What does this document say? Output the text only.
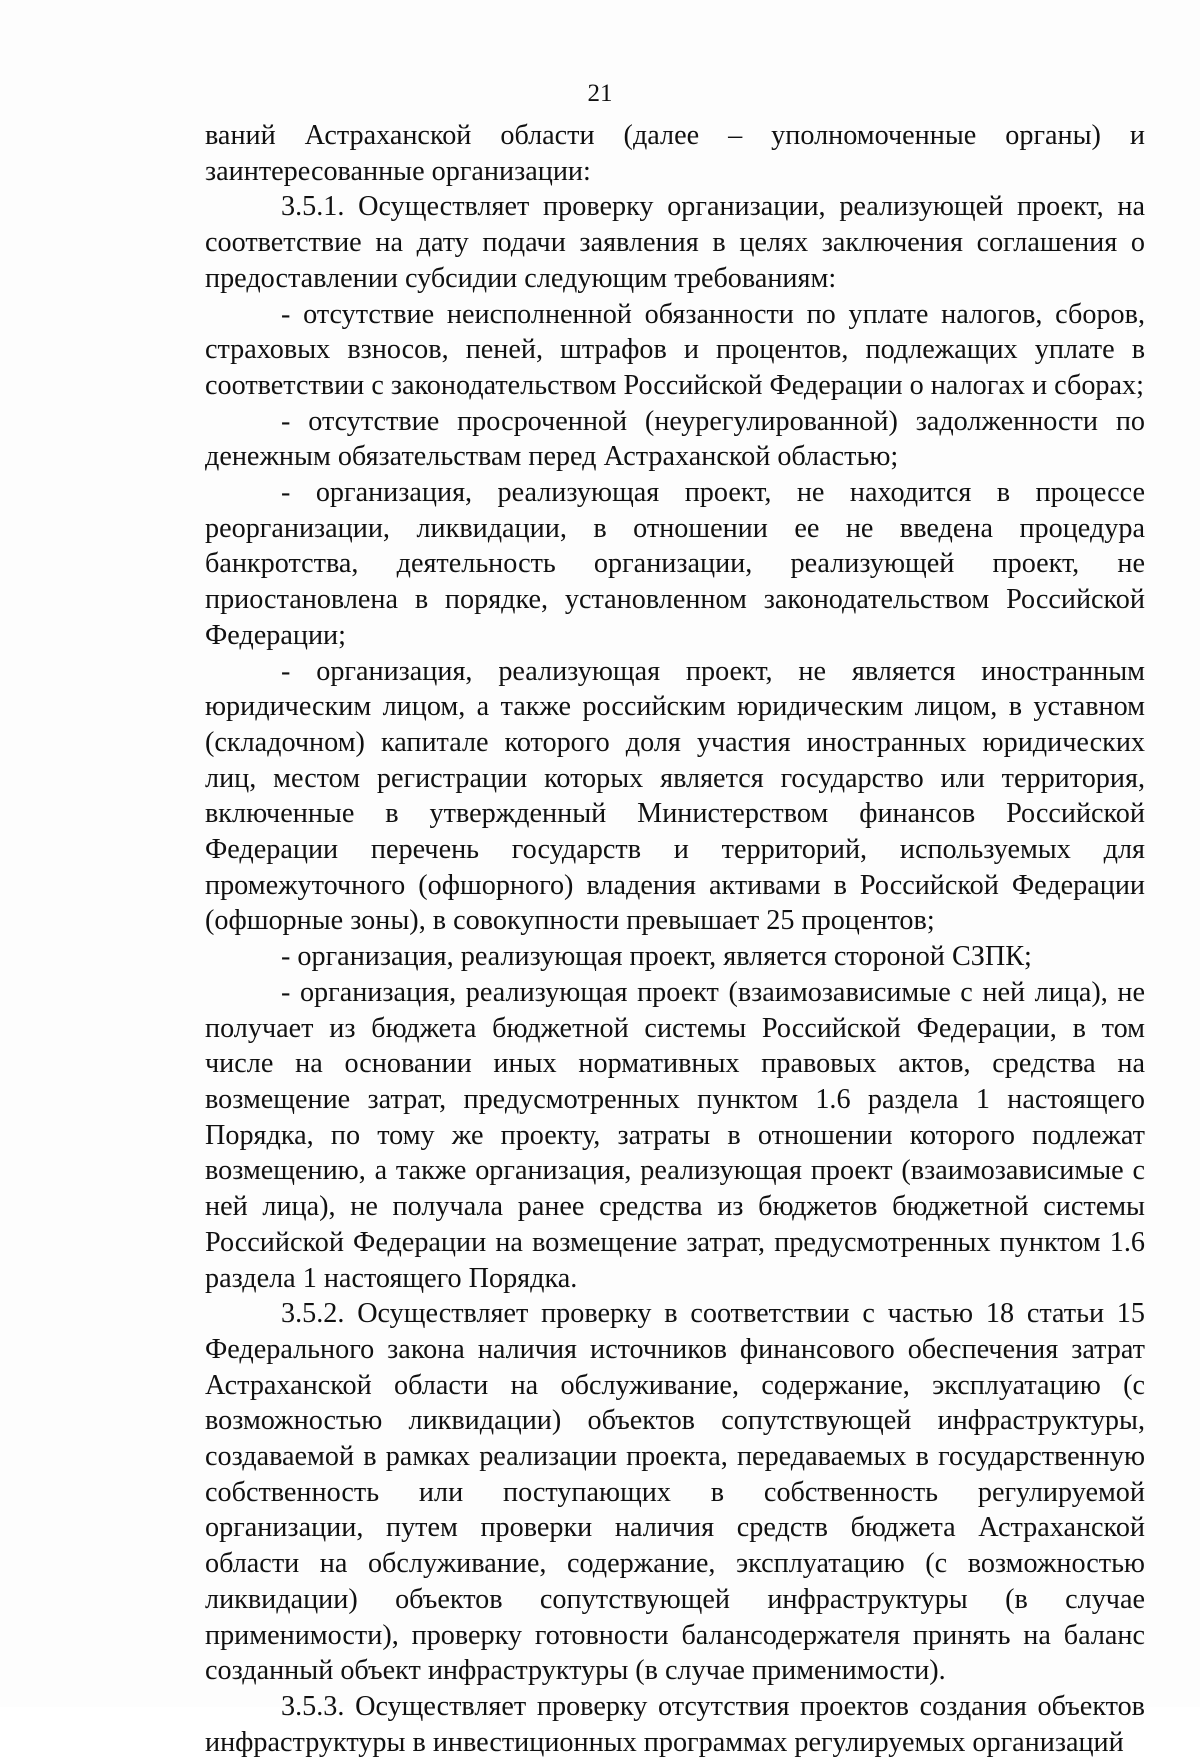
21

ваний Астраханской области (далее – уполномоченные органы) и заинтересованные организации:

3.5.1. Осуществляет проверку организации, реализующей проект, на соответствие на дату подачи заявления в целях заключения соглашения о предоставлении субсидии следующим требованиям:

- отсутствие неисполненной обязанности по уплате налогов, сборов, страховых взносов, пеней, штрафов и процентов, подлежащих уплате в соответствии с законодательством Российской Федерации о налогах и сборах;

- отсутствие просроченной (неурегулированной) задолженности по денежным обязательствам перед Астраханской областью;

- организация, реализующая проект, не находится в процессе реорганизации, ликвидации, в отношении ее не введена процедура банкротства, деятельность организации, реализующей проект, не приостановлена в порядке, установленном законодательством Российской Федерации;

- организация, реализующая проект, не является иностранным юридическим лицом, а также российским юридическим лицом, в уставном (складочном) капитале которого доля участия иностранных юридических лиц, местом регистрации которых является государство или территория, включенные в утвержденный Министерством финансов Российской Федерации перечень государств и территорий, используемых для промежуточного (офшорного) владения активами в Российской Федерации (офшорные зоны), в совокупности превышает 25 процентов;

- организация, реализующая проект, является стороной СЗПК;

- организация, реализующая проект (взаимозависимые с ней лица), не получает из бюджета бюджетной системы Российской Федерации, в том числе на основании иных нормативных правовых актов, средства на возмещение затрат, предусмотренных пунктом 1.6 раздела 1 настоящего Порядка, по тому же проекту, затраты в отношении которого подлежат возмещению, а также организация, реализующая проект (взаимозависимые с ней лица), не получала ранее средства из бюджетов бюджетной системы Российской Федерации на возмещение затрат, предусмотренных пунктом 1.6 раздела 1 настоящего Порядка.

3.5.2. Осуществляет проверку в соответствии с частью 18 статьи 15 Федерального закона наличия источников финансового обеспечения затрат Астраханской области на обслуживание, содержание, эксплуатацию (с возможностью ликвидации) объектов сопутствующей инфраструктуры, создаваемой в рамках реализации проекта, передаваемых в государственную собственность или поступающих в собственность регулируемой организации, путем проверки наличия средств бюджета Астраханской области на обслуживание, содержание, эксплуатацию (с возможностью ликвидации) объектов сопутствующей инфраструктуры (в случае применимости), проверку готовности балансодержателя принять на баланс созданный объект инфраструктуры (в случае применимости).

3.5.3. Осуществляет проверку отсутствия проектов создания объектов инфраструктуры в инвестиционных программах регулируемых организаций
